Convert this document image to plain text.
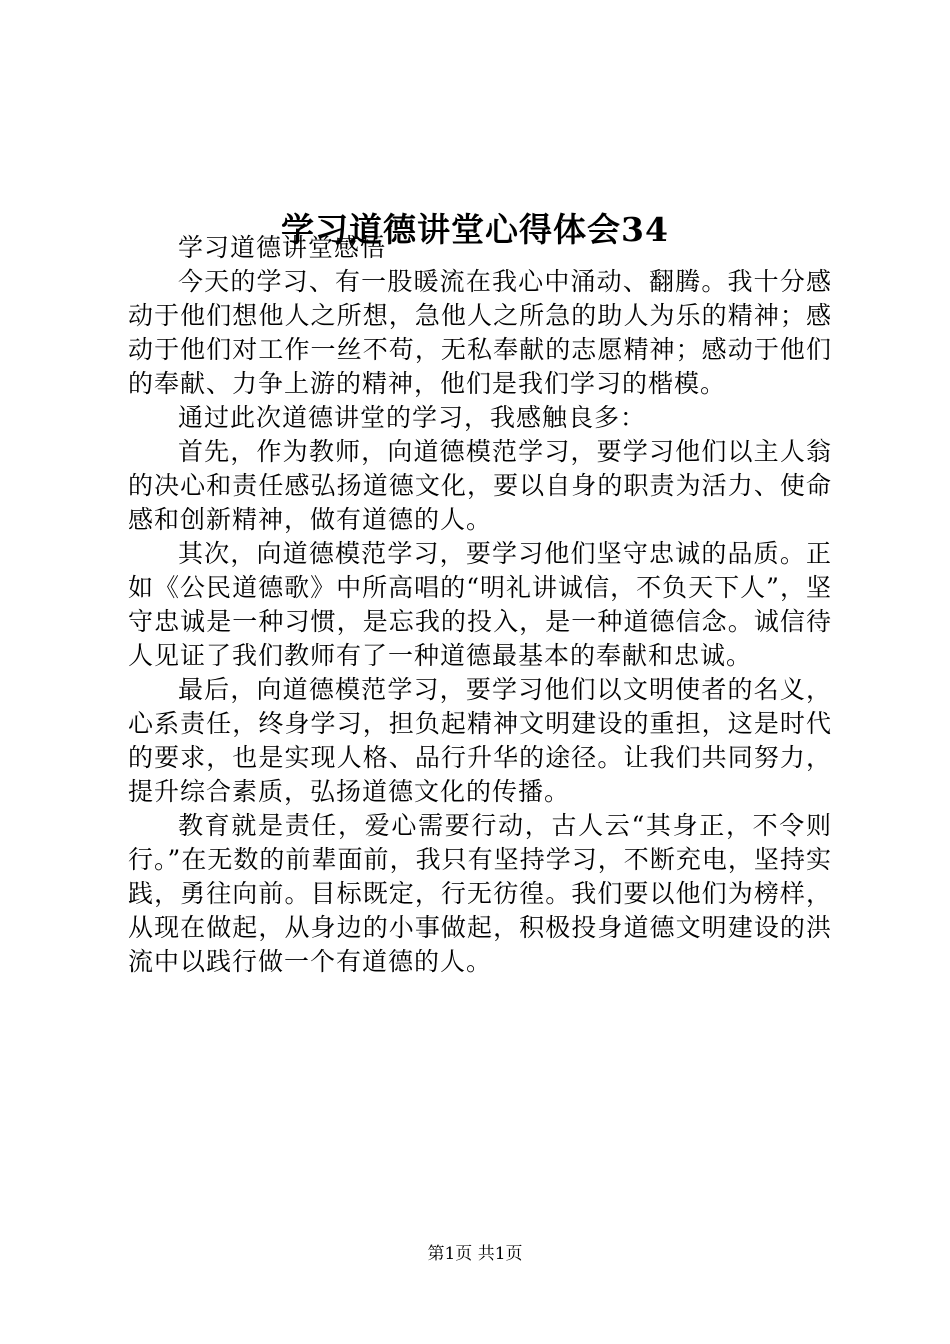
学习道德讲堂心得体会34

学习道德讲堂感悟

今天的学习、有一股暖流在我心中涌动、翻腾。我十分感动于他们想他人之所想，急他人之所急的助人为乐的精神；感动于他们对工作一丝不苟，无私奉献的志愿精神；感动于他们的奉献、力争上游的精神，他们是我们学习的楷模。

通过此次道德讲堂的学习，我感触良多：

首先，作为教师，向道德模范学习，要学习他们以主人翁的决心和责任感弘扬道德文化，要以自身的职责为活力、使命感和创新精神，做有道德的人。

其次，向道德模范学习，要学习他们坚守忠诚的品质。正如《公民道德歌》中所高唱的“明礼讲诚信，不负天下人”，坚守忠诚是一种习惯，是忘我的投入，是一种道德信念。诚信待人见证了我们教师有了一种道德最基本的奉献和忠诚。

最后，向道德模范学习，要学习他们以文明使者的名义，心系责任，终身学习，担负起精神文明建设的重担，这是时代的要求，也是实现人格、品行升华的途径。让我们共同努力，提升综合素质，弘扬道德文化的传播。

教育就是责任，爱心需要行动，古人云“其身正，不令则行。”在无数的前辈面前，我只有坚持学习，不断充电，坚持实践，勇往向前。目标既定，行无彷徨。我们要以他们为榜样，从现在做起，从身边的小事做起，积极投身道德文明建设的洪流中以践行做一个有道德的人。

第1页 共1页
